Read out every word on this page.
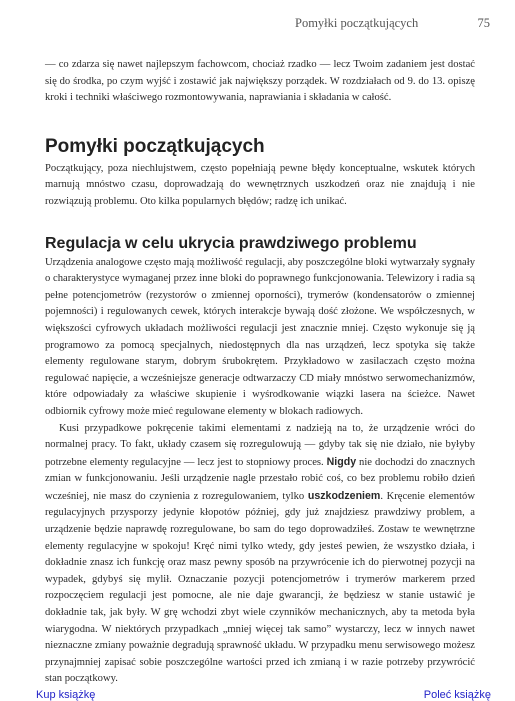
Pomyłki początkujących	75

— co zdarza się nawet najlepszym fachowcom, chociaż rzadko — lecz Twoim zadaniem jest dostać się do środka, po czym wyjść i zostawić jak największy porządek. W rozdziałach od 9. do 13. opiszę kroki i techniki właściwego rozmontowywania, naprawiania i składania w całość.

Pomyłki początkujących

Początkujący, poza niechlujstwem, często popełniają pewne błędy konceptualne, wskutek których marnują mnóstwo czasu, doprowadzają do wewnętrznych uszkodzeń oraz nie znajdują i nie rozwiązują problemu. Oto kilka popularnych błędów; radzę ich unikać.

Regulacja w celu ukrycia prawdziwego problemu

Urządzenia analogowe często mają możliwość regulacji, aby poszczególne bloki wytwarzały sygnały o charakterystyce wymaganej przez inne bloki do poprawnego funkcjonowania. Telewizory i radia są pełne potencjometrów (rezystorów o zmiennej oporności), trymerów (kondensatorów o zmiennej pojemności) i regulowanych cewek, których interakcje bywają dość złożone. We współczesnych, w większości cyfrowych układach możliwości regulacji jest znacznie mniej. Często wykonuje się ją programowo za pomocą specjalnych, niedostępnych dla nas urządzeń, lecz spotyka się także elementy regulowane starym, dobrym śrubokrętem. Przykładowo w zasilaczach często można regulować napięcie, a wcześniejsze generacje odtwarzaczy CD miały mnóstwo serwomechanizmów, które odpowiadały za właściwe skupienie i wyśrodkowanie wiązki lasera na ścieżce. Nawet odbiornik cyfrowy może mieć regulowane elementy w blokach radiowych.

Kusi przypadkowe pokręcenie takimi elementami z nadzieją na to, że urządzenie wróci do normalnej pracy. To fakt, układy czasem się rozregulowują — gdyby tak się nie działo, nie byłyby potrzebne elementy regulacyjne — lecz jest to stopniowy proces. Nigdy nie dochodzi do znacznych zmian w funkcjonowaniu. Jeśli urządzenie nagle przestało robić coś, co bez problemu robiło dzień wcześniej, nie masz do czynienia z rozregulowaniem, tylko uszkodzeniem. Kręcenie elementów regulacyjnych przysporzy jedynie kłopotów później, gdy już znajdziesz prawdziwy problem, a urządzenie będzie naprawdę rozregulowane, bo sam do tego doprowadziłeś. Zostaw te wewnętrzne elementy regulacyjne w spokoju! Kręć nimi tylko wtedy, gdy jesteś pewien, że wszystko działa, i dokładnie znasz ich funkcję oraz masz pewny sposób na przywrócenie ich do pierwotnej pozycji na wypadek, gdybyś się mylił. Oznaczanie pozycji potencjometrów i trymerów markerem przed rozpoczęciem regulacji jest pomocne, ale nie daje gwarancji, że będziesz w stanie ustawić je dokładnie tak, jak były. W grę wchodzi zbyt wiele czynników mechanicznych, aby ta metoda była wiarygodna. W niektórych przypadkach „mniej więcej tak samo” wystarczy, lecz w innych nawet nieznaczne zmiany poważnie degradują sprawność układu. W przypadku menu serwisowego możesz przynajmniej zapisać sobie poszczególne wartości przed ich zmianą i w razie potrzeby przywrócić stan początkowy.

Kup książkę	Poleć książkę
